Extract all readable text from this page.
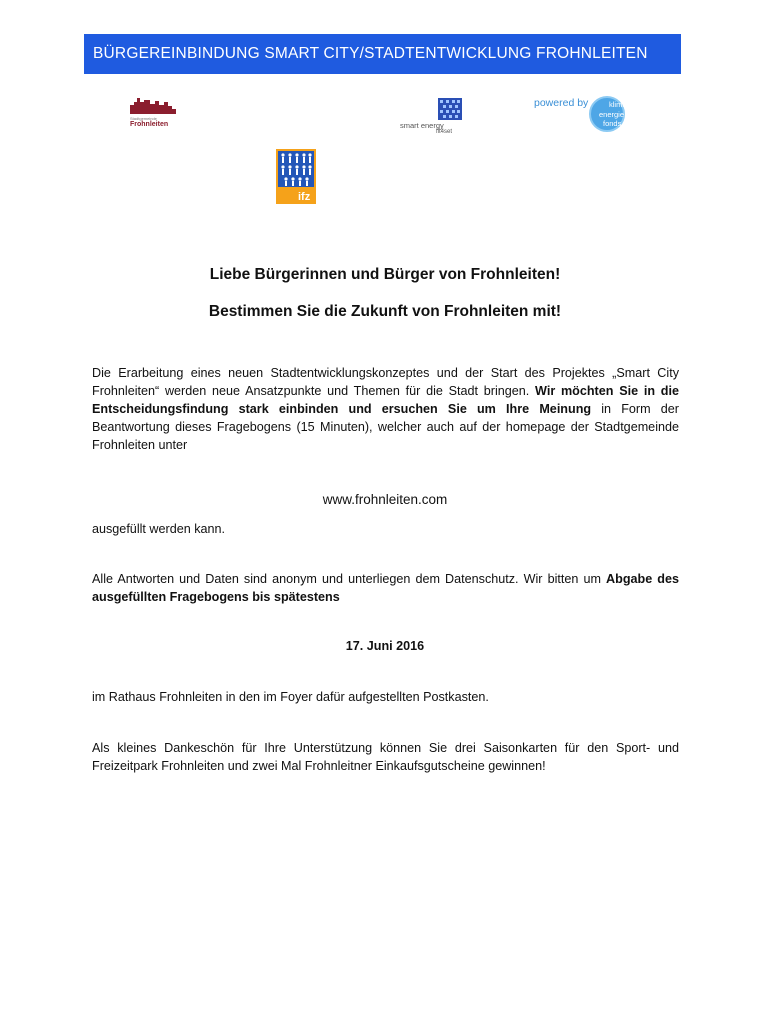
BÜRGEREINBINDUNG SMART CITY/STADTENTWICKLUNG FROHNLEITEN
Stadtgemeinde
Frohnleiten	smart energy
fit4set
powered by	klima+
energie
fonds
ifz
Liebe Bürgerinnen und Bürger von Frohnleiten!
Bestimmen Sie die Zukunft von Frohnleiten mit!
Die Erarbeitung eines neuen Stadtentwicklungskonzeptes und der Start des Projektes „Smart City Frohnleiten“ werden neue Ansatzpunkte und Themen für die Stadt bringen. Wir möchten Sie in die Entscheidungsfindung stark einbinden und ersuchen Sie um Ihre Meinung in Form der Beantwortung dieses Fragebogens (15 Minuten), welcher auch auf der homepage der Stadtgemeinde Frohnleiten unter
www.frohnleiten.com
ausgefüllt werden kann.
Alle Antworten und Daten sind anonym und unterliegen dem Datenschutz. Wir bitten um Abgabe des ausgefüllten Fragebogens bis spätestens
17. Juni 2016
im Rathaus Frohnleiten in den im Foyer dafür aufgestellten Postkasten.
Als kleines Dankeschön für Ihre Unterstützung können Sie drei Saisonkarten für den Sport- und Freizeitpark Frohnleiten und zwei Mal Frohnleitner Einkaufsgutscheine gewinnen!
